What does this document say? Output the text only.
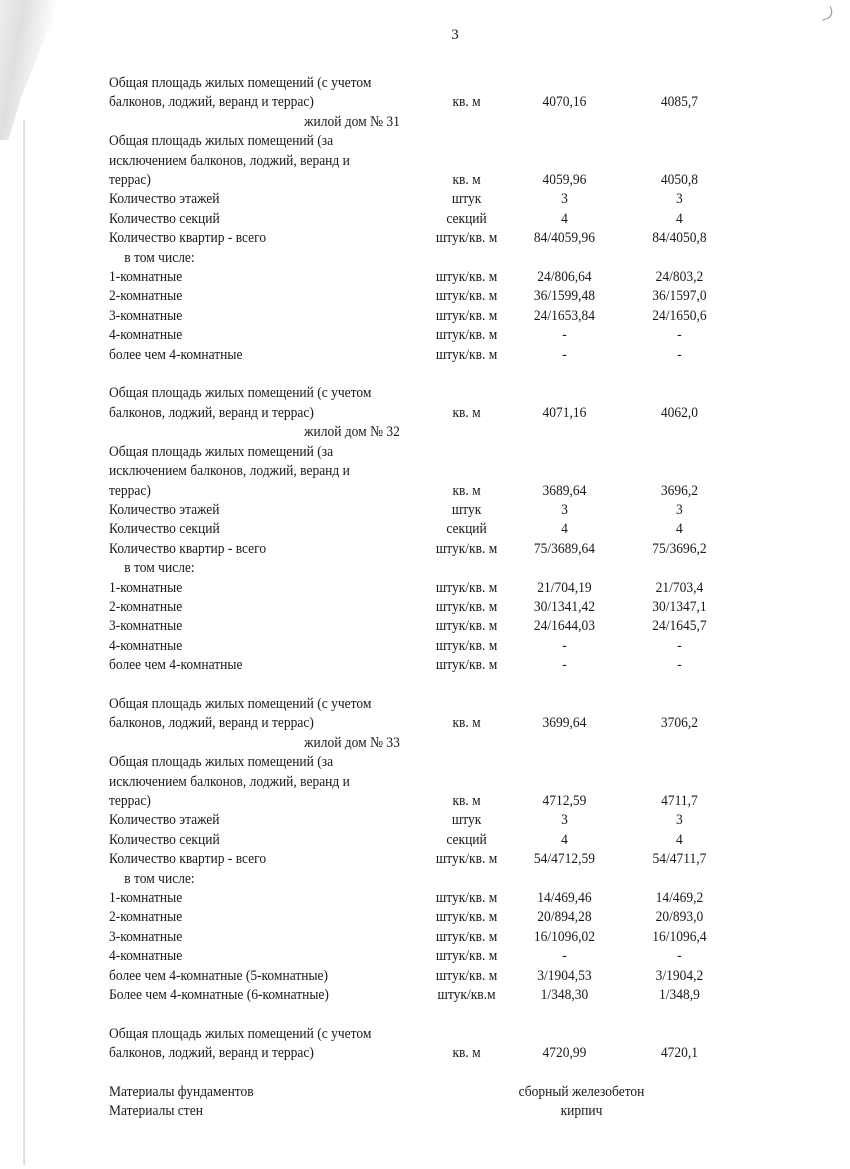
3
Общая площадь жилых помещений (с учетом
балконов, лоджий, веранд и террас)	кв. м	4070,16	4085,7
жилой дом № 31
Общая площадь жилых помещений (за
исключением балконов, лоджий, веранд и
террас)	кв. м	4059,96	4050,8
Количество этажей	штук	3	3
Количество секций	секций	4	4
Количество квартир - всего	штук/кв. м	84/4059,96	84/4050,8
в том числе:
1-комнатные	штук/кв. м	24/806,64	24/803,2
2-комнатные	штук/кв. м	36/1599,48	36/1597,0
3-комнатные	штук/кв. м	24/1653,84	24/1650,6
4-комнатные	штук/кв. м	-	-
более чем 4-комнатные	штук/кв. м	-	-
Общая площадь жилых помещений (с учетом
балконов, лоджий, веранд и террас)	кв. м	4071,16	4062,0
жилой дом № 32
Общая площадь жилых помещений (за
исключением балконов, лоджий, веранд и
террас)	кв. м	3689,64	3696,2
Количество этажей	штук	3	3
Количество секций	секций	4	4
Количество квартир - всего	штук/кв. м	75/3689,64	75/3696,2
в том числе:
1-комнатные	штук/кв. м	21/704,19	21/703,4
2-комнатные	штук/кв. м	30/1341,42	30/1347,1
3-комнатные	штук/кв. м	24/1644,03	24/1645,7
4-комнатные	штук/кв. м	-	-
более чем 4-комнатные	штук/кв. м	-	-
Общая площадь жилых помещений (с учетом
балконов, лоджий, веранд и террас)	кв. м	3699,64	3706,2
жилой дом № 33
Общая площадь жилых помещений (за
исключением балконов, лоджий, веранд и
террас)	кв. м	4712,59	4711,7
Количество этажей	штук	3	3
Количество секций	секций	4	4
Количество квартир - всего	штук/кв. м	54/4712,59	54/4711,7
в том числе:
1-комнатные	штук/кв. м	14/469,46	14/469,2
2-комнатные	штук/кв. м	20/894,28	20/893,0
3-комнатные	штук/кв. м	16/1096,02	16/1096,4
4-комнатные	штук/кв. м	-	-
более чем 4-комнатные (5-комнатные)	штук/кв. м	3/1904,53	3/1904,2
Более чем 4-комнатные (6-комнатные)	штук/кв.м	1/348,30	1/348,9
Общая площадь жилых помещений (с учетом
балконов, лоджий, веранд и террас)	кв. м	4720,99	4720,1
Материалы фундаментов	сборный железобетон
Материалы стен	кирпич
